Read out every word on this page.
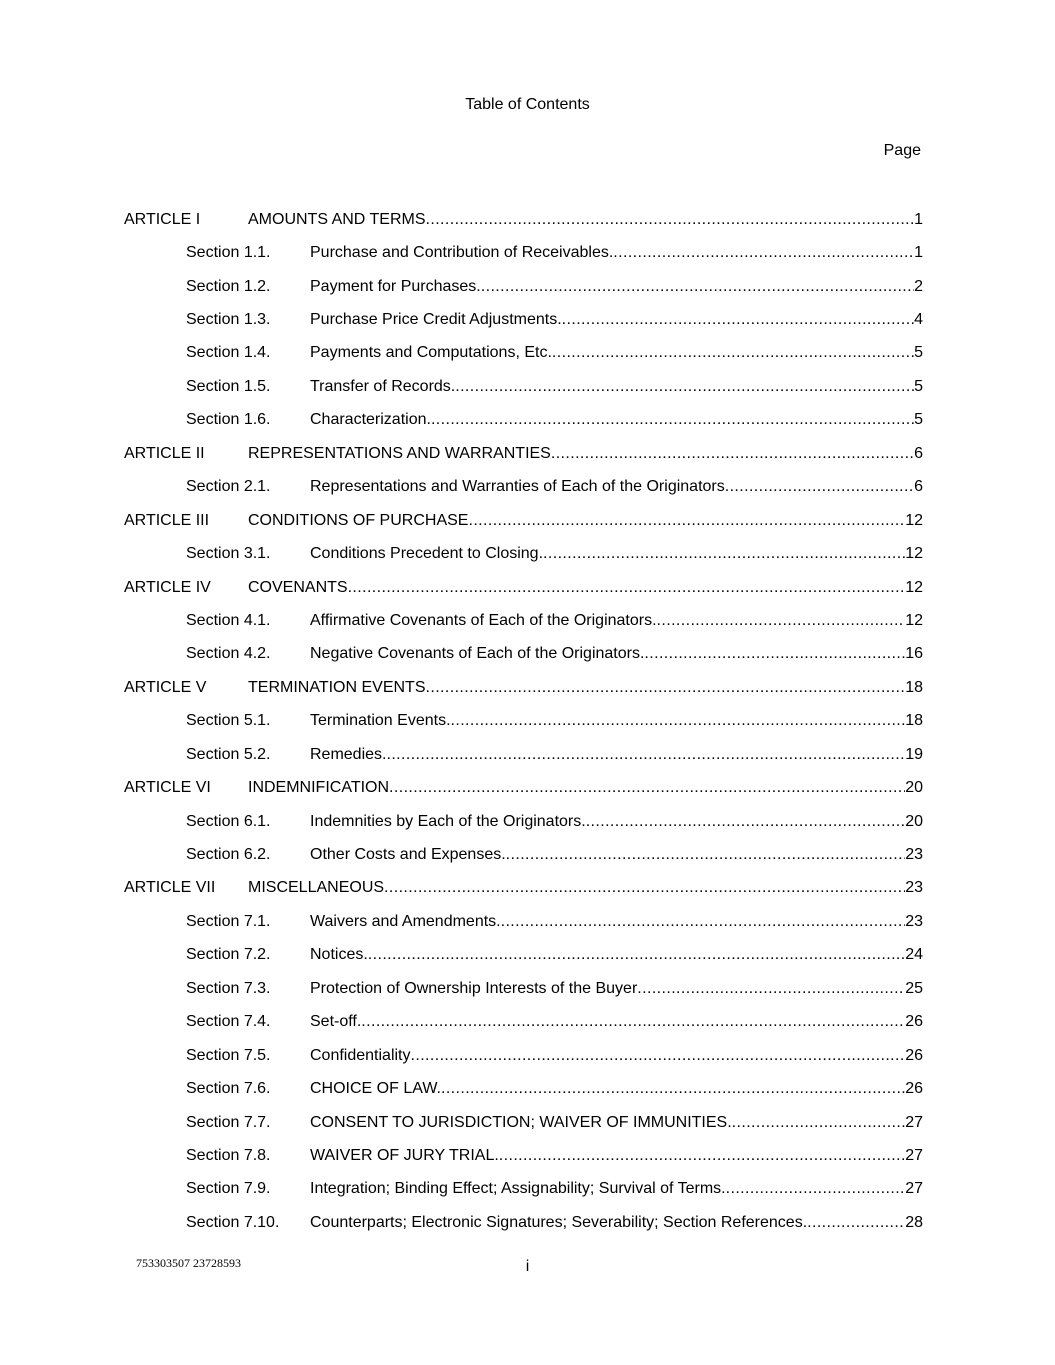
Table of Contents
Page
ARTICLE I	AMOUNTS AND TERMS .....	1
Section 1.1.	Purchase and Contribution of Receivables. .....	1
Section 1.2.	Payment for Purchases. .....	2
Section 1.3.	Purchase Price Credit Adjustments. .....	4
Section 1.4.	Payments and Computations, Etc. .....	5
Section 1.5.	Transfer of Records. .....	5
Section 1.6.	Characterization. .....	5
ARTICLE II	REPRESENTATIONS AND WARRANTIES .....	6
Section 2.1.	Representations and Warranties of Each of the Originators .....	6
ARTICLE III	CONDITIONS OF PURCHASE .....	12
Section 3.1.	Conditions Precedent to Closing. .....	12
ARTICLE IV	COVENANTS .....	12
Section 4.1.	Affirmative Covenants of Each of the Originators. .....	12
Section 4.2.	Negative Covenants of Each of the Originators. .....	16
ARTICLE V	TERMINATION EVENTS .....	18
Section 5.1.	Termination Events. .....	18
Section 5.2.	Remedies. .....	19
ARTICLE VI	INDEMNIFICATION .....	20
Section 6.1.	Indemnities by Each of the Originators. .....	20
Section 6.2.	Other Costs and Expenses. .....	23
ARTICLE VII	MISCELLANEOUS .....	23
Section 7.1.	Waivers and Amendments. .....	23
Section 7.2.	Notices. .....	24
Section 7.3.	Protection of Ownership Interests of the Buyer .....	25
Section 7.4.	Set-off. .....	26
Section 7.5.	Confidentiality .....	26
Section 7.6.	CHOICE OF LAW. .....	26
Section 7.7.	CONSENT TO JURISDICTION; WAIVER OF IMMUNITIES. .....	27
Section 7.8.	WAIVER OF JURY TRIAL. .....	27
Section 7.9.	Integration; Binding Effect; Assignability; Survival of Terms. .....	27
Section 7.10.	Counterparts; Electronic Signatures; Severability; Section References. .....	28
753303507 23728593	i
